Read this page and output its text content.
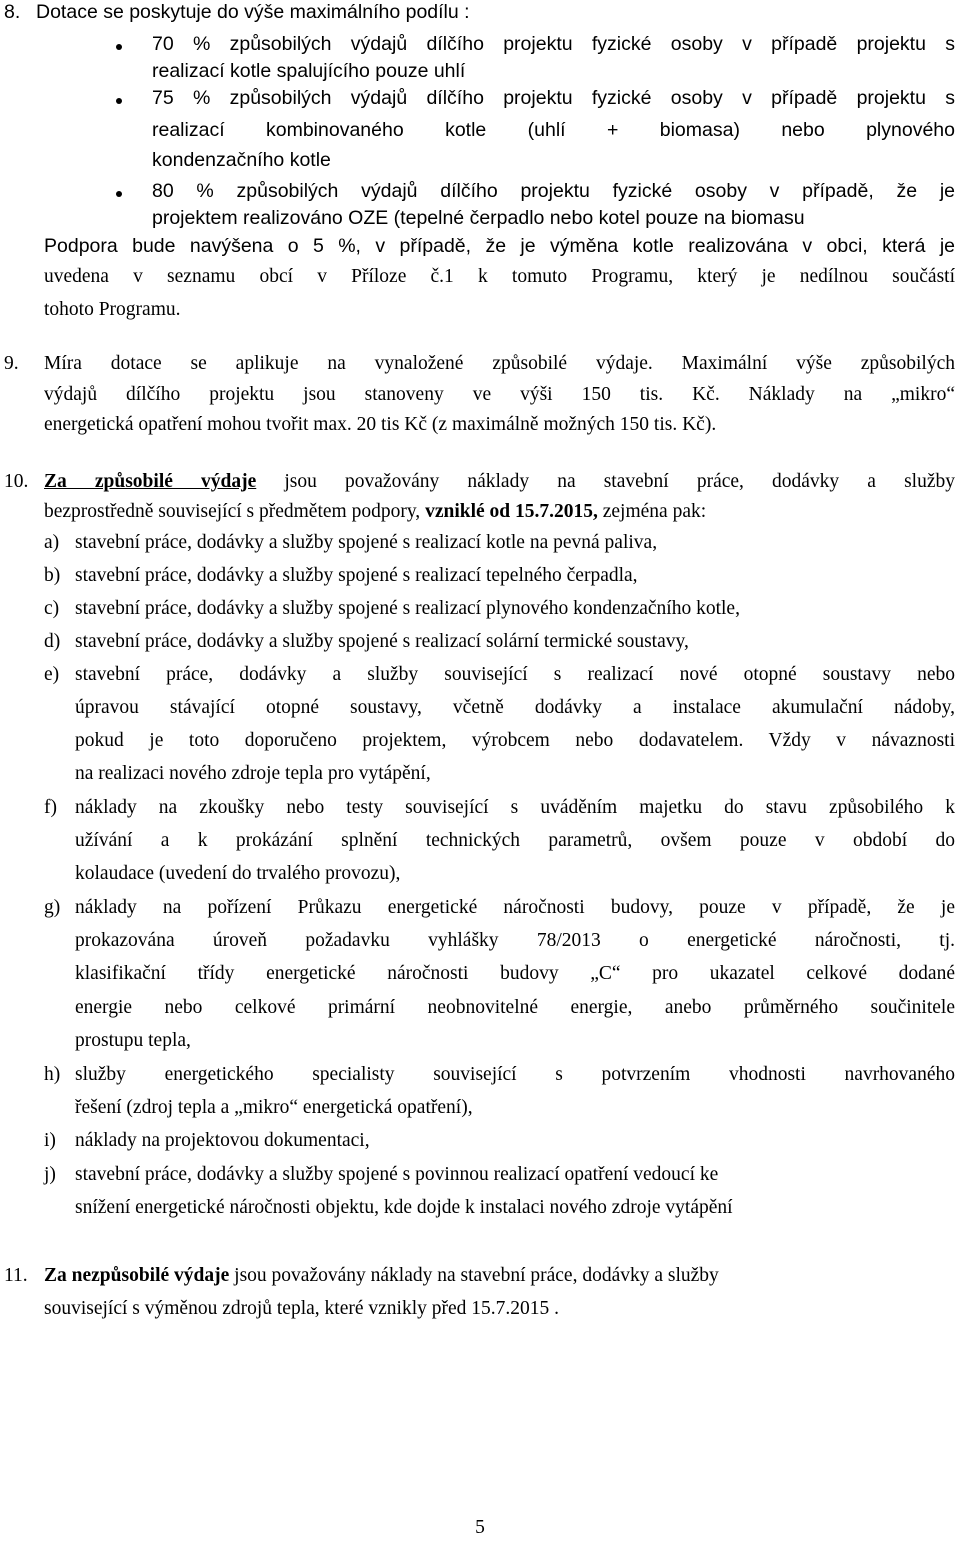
8. Dotace se poskytuje do výše maximálního podílu :
70 % způsobilých výdajů dílčího projektu fyzické osoby v případě projektu s
realizací kotle spalujícího pouze uhlí
75 % způsobilých výdajů dílčího projektu fyzické osoby v případě projektu s
realizací kombinovaného kotle (uhlí + biomasa) nebo plynového
kondenzačního kotle
80 % způsobilých výdajů dílčího projektu fyzické osoby v případě, že je
projektem realizováno OZE (tepelné čerpadlo nebo kotel pouze na biomasu
Podpora bude navýšena o 5 %, v případě, že je výměna kotle realizována v obci, která je
uvedena v seznamu obcí v Příloze č.1 k tomuto Programu, který je nedílnou součástí
tohoto Programu.
9. Míra dotace se aplikuje na vynaložené způsobilé výdaje. Maximální výše způsobilých
výdajů dílčího projektu jsou stanoveny ve výši 150 tis. Kč. Náklady na „mikro“
energetická opatření mohou tvořit max. 20 tis Kč (z maximálně možných 150 tis. Kč).
10. Za způsobilé výdaje jsou považovány náklady na stavební práce, dodávky a služby
bezprostředně související s předmětem podpory, vzniklé od 15.7.2015, zejména pak:
a) stavební práce, dodávky a služby spojené s realizací kotle na pevná paliva,
b) stavební práce, dodávky a služby spojené s realizací tepelného čerpadla,
c) stavební práce, dodávky a služby spojené s realizací plynového kondenzačního kotle,
d) stavební práce, dodávky a služby spojené s realizací solární termické soustavy,
e) stavební práce, dodávky a služby související s realizací nové otopné soustavy nebo
úpravou stávající otopné soustavy, včetně dodávky a instalace akumulační nádoby,
pokud je toto doporučeno projektem, výrobcem nebo dodavatelem. Vždy v návaznosti
na realizaci nového zdroje tepla pro vytápění,
f) náklady na zkoušky nebo testy související s uváděním majetku do stavu způsobilého k
užívání a k prokázání splnění technických parametrů, ovšem pouze v období do
kolaudace (uvedení do trvalého provozu),
g) náklady na pořízení Průkazu energetické náročnosti budovy, pouze v případě, že je
prokazována úroveň požadavku vyhlášky 78/2013 o energetické náročnosti, tj.
klasifikační třídy energetické náročnosti budovy „C“ pro ukazatel celkové dodané
energie nebo celkové primární neobnovitelné energie, anebo průměrného součinitele
prostupu tepla,
h) služby energetického specialisty související s potvrzením vhodnosti navrhovaného
řešení (zdroj tepla a „mikro“ energetická opatření),
i) náklady na projektovou dokumentaci,
j) stavební práce, dodávky a služby spojené s povinnou realizací opatření vedoucí ke
snížení energetické náročnosti objektu, kde dojde k instalaci nového zdroje vytápění
11. Za nezpůsobilé výdaje jsou považovány náklady na stavební práce, dodávky a služby
související s výměnou zdrojů tepla, které vznikly před 15.7.2015 .
5
